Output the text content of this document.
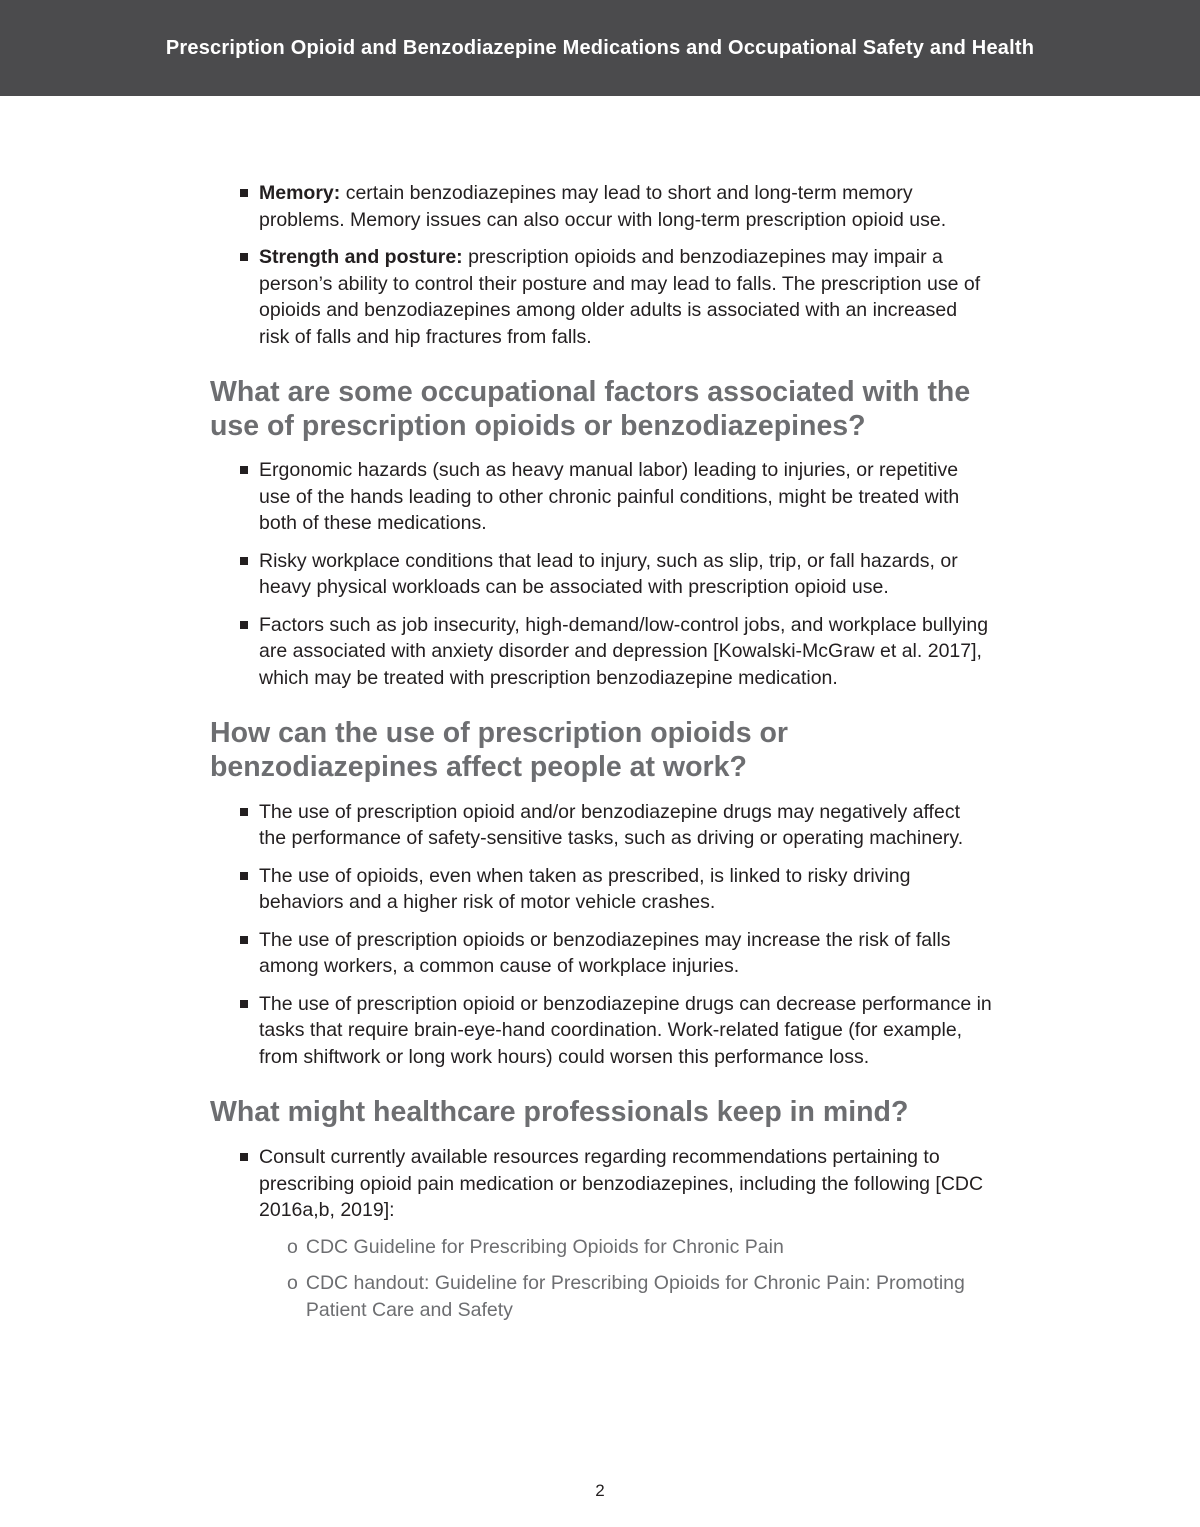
Prescription Opioid and Benzodiazepine Medications and Occupational Safety and Health

Memory: certain benzodiazepines may lead to short and long-term memory problems. Memory issues can also occur with long-term prescription opioid use.

Strength and posture: prescription opioids and benzodiazepines may impair a person’s ability to control their posture and may lead to falls. The prescription use of opioids and benzodiazepines among older adults is associated with an increased risk of falls and hip fractures from falls.

What are some occupational factors associated with the use of prescription opioids or benzodiazepines?

Ergonomic hazards (such as heavy manual labor) leading to injuries, or repetitive use of the hands leading to other chronic painful conditions, might be treated with both of these medications.

Risky workplace conditions that lead to injury, such as slip, trip, or fall hazards, or heavy physical workloads can be associated with prescription opioid use.

Factors such as job insecurity, high-demand/low-control jobs, and workplace bullying are associated with anxiety disorder and depression [Kowalski-McGraw et al. 2017], which may be treated with prescription benzodiazepine medication.

How can the use of prescription opioids or benzodiazepines affect people at work?

The use of prescription opioid and/or benzodiazepine drugs may negatively affect the performance of safety-sensitive tasks, such as driving or operating machinery.

The use of opioids, even when taken as prescribed, is linked to risky driving behaviors and a higher risk of motor vehicle crashes.

The use of prescription opioids or benzodiazepines may increase the risk of falls among workers, a common cause of workplace injuries.

The use of prescription opioid or benzodiazepine drugs can decrease performance in tasks that require brain-eye-hand coordination. Work-related fatigue (for example, from shiftwork or long work hours) could worsen this performance loss.

What might healthcare professionals keep in mind?

Consult currently available resources regarding recommendations pertaining to prescribing opioid pain medication or benzodiazepines, including the following [CDC 2016a,b, 2019]:

o CDC Guideline for Prescribing Opioids for Chronic Pain
o CDC handout: Guideline for Prescribing Opioids for Chronic Pain: Promoting Patient Care and Safety
2
